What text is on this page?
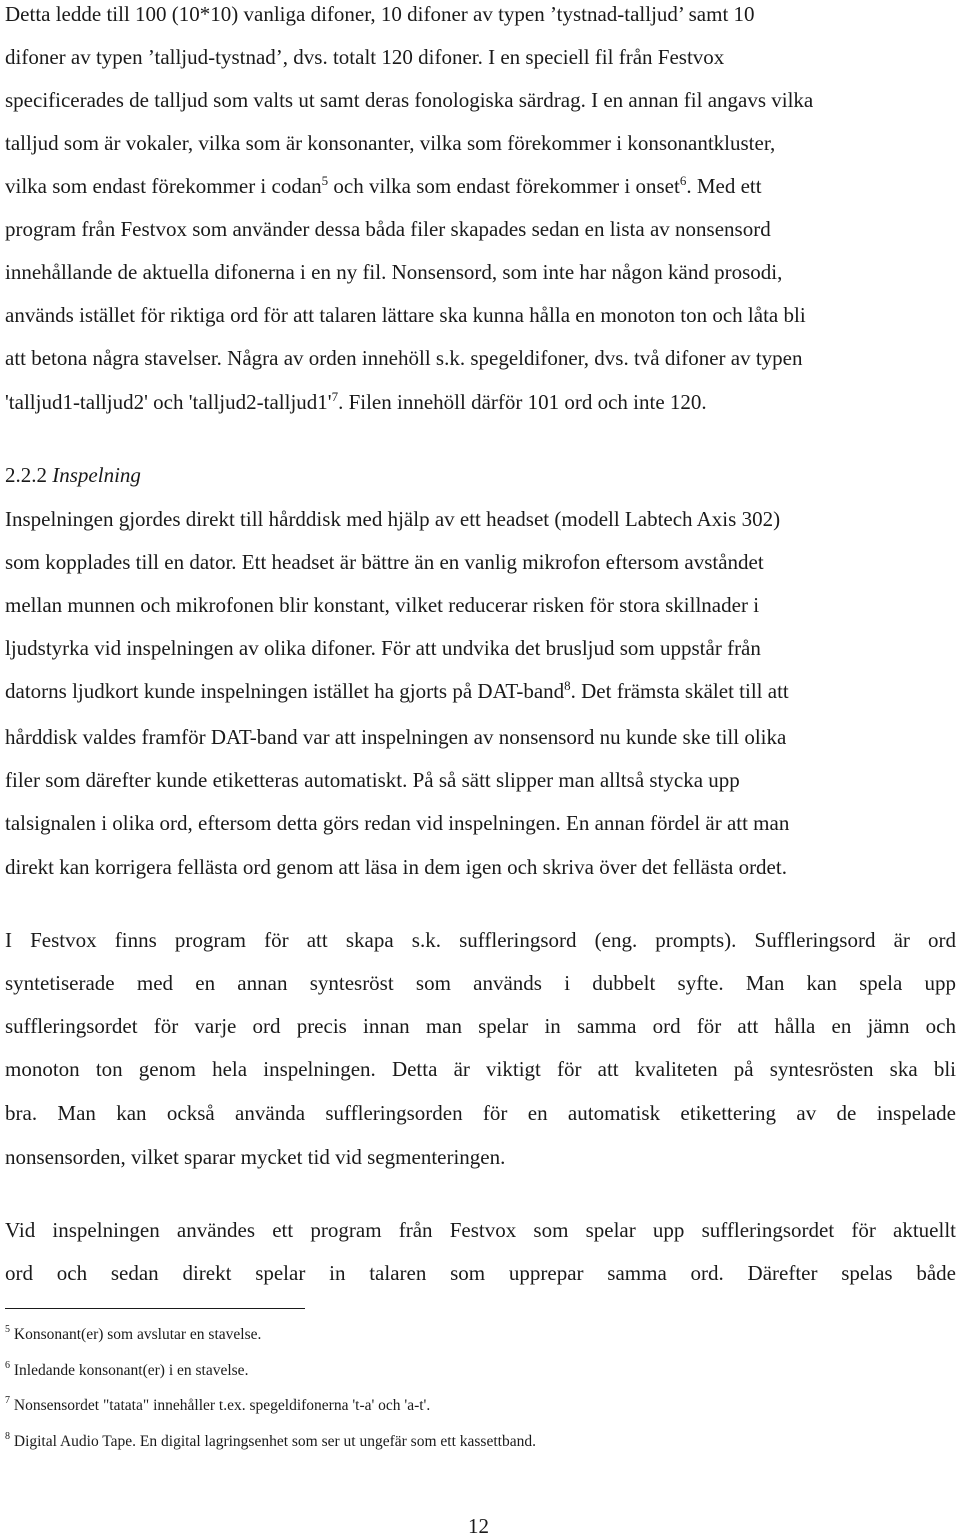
Detta ledde till 100 (10*10) vanliga difoner, 10 difoner av typen ’tystnad-talljud’ samt 10
difoner av typen ’talljud-tystnad’, dvs. totalt 120 difoner. I en speciell fil från Festvox
specificerades de talljud som valts ut samt deras fonologiska särdrag. I en annan fil angavs vilka
talljud som är vokaler, vilka som är konsonanter, vilka som förekommer i konsonantkluster,
vilka som endast förekommer i codan$^5$ och vilka som endast förekommer i onset$^6$. Med ett
program från Festvox som använder dessa båda filer skapades sedan en lista av nonsensord
innehållande de aktuella difonerna i en ny fil. Nonsensord, som inte har någon känd prosodi,
används istället för riktiga ord för att talaren lättare ska kunna hålla en monoton ton och låta bli
att betona några stavelser. Några av orden innehöll s.k. spegeldifoner, dvs. två difoner av typen
'talljud1-talljud2' och '$talljud2-talljud1'^7$. Filen innehöll därför 101 ord och inte 120.
2.2.2 Inspelning
Inspelningen gjordes direkt till hårddisk med hjälp av ett headset (modell Labtech Axis 302)
som kopplades till en dator. Ett headset är bättre än en vanlig mikrofon eftersom avståndet
mellan munnen och mikrofonen blir konstant, vilket reducerar risken för stora skillnader i
ljudstyrka vid inspelningen av olika difoner. För att undvika det brusljud som uppstår från
datorns ljudkort kunde inspelningen istället ha gjorts på DAT-band$^8$. Det främsta skälet till att
hårddisk valdes framför DAT-band var att inspelningen av nonsensord nu kunde ske till olika
filer som därefter kunde etiketteras automatiskt. På så sätt slipper man alltså stycka upp
talsignalen i olika ord, eftersom detta görs redan vid inspelningen. En annan fördel är att man
direkt kan korrigera fellästa ord genom att läsa in dem igen och skriva över det fellästa ordet.
I Festvox finns program för att skapa s.k. suffleringsord (eng. prompts). Suffleringsord är ord
syntetiserade med en annan syntesröst som används i dubbelt syfte. Man kan spela upp
suffleringsordet för varje ord precis innan man spelar in samma ord för att hålla en jämn och
monoton ton genom hela inspelningen. Detta är viktigt för att kvaliteten på syntesrösten ska bli
bra. Man kan också använda suffleringsorden för en automatisk etikettering av de inspelade
nonsensorden, vilket sparar mycket tid vid segmenteringen.
Vid inspelningen användes ett program från Festvox som spelar upp suffleringsordet för aktuellt
ord och sedan direkt spelar in talaren som upprepar samma ord. Därefter spelas både
$^5$ Konsonant(er) som avslutar en stavelse.
$^6$ Inledande konsonant(er) i en stavelse.
$^7$ Nonsensordet "tatata" innehåller t.ex. spegeldifonerna 't-a' och 'a-t'.
$^8$ Digital Audio Tape. En digital lagringsenhet som ser ut ungefär som ett kassettband.
12
